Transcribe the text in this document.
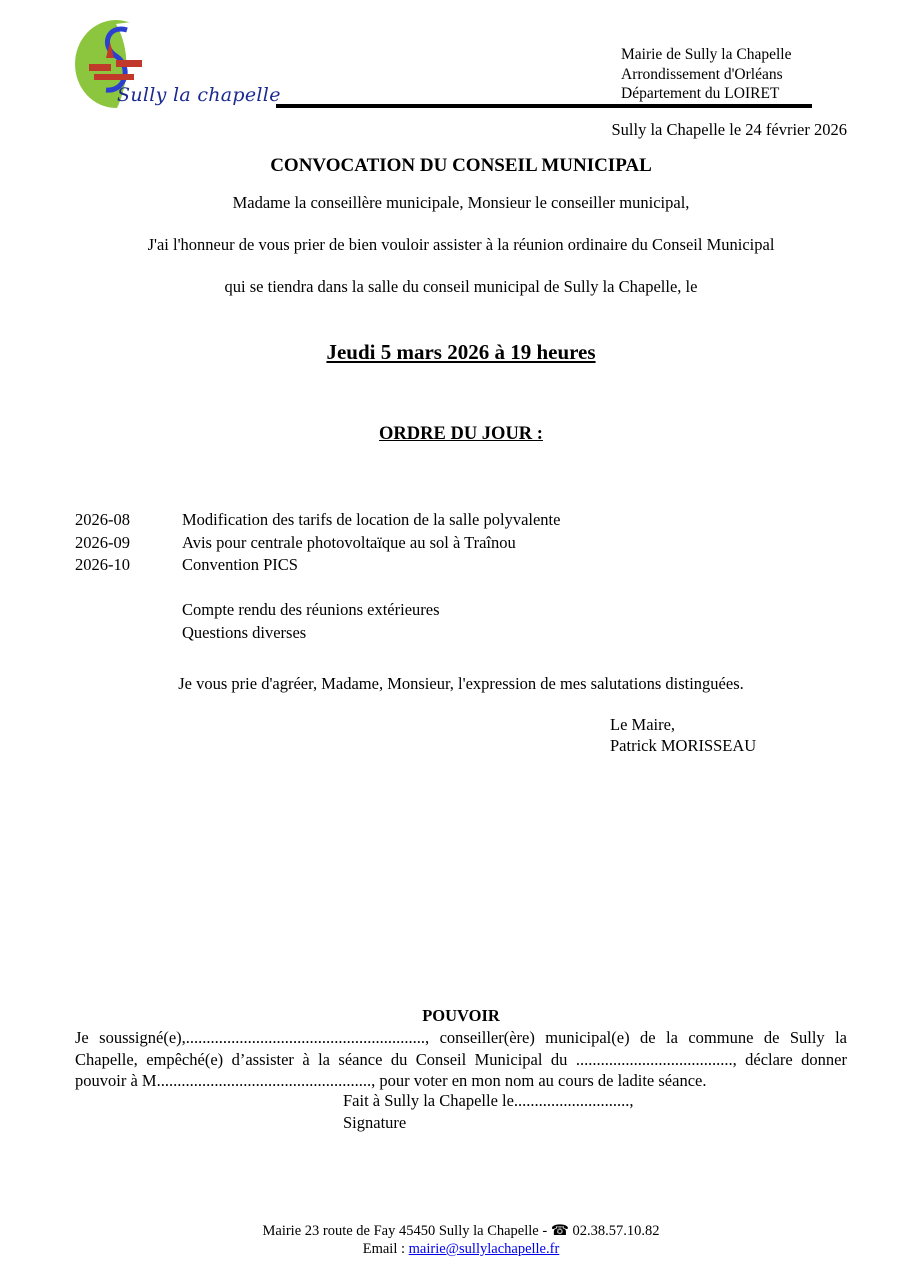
Sully la chapelle
Mairie de Sully la Chapelle
Arrondissement d'Orléans
Département du LOIRET
Sully la Chapelle le 24 février 2026
CONVOCATION DU CONSEIL MUNICIPAL
Madame la conseillère municipale, Monsieur le conseiller municipal,
J'ai l'honneur de vous prier de bien vouloir assister à la réunion ordinaire du Conseil Municipal
qui se tiendra dans la salle du conseil municipal de Sully la Chapelle, le
Jeudi 5 mars 2026 à 19 heures
ORDRE DU JOUR :
2026-08	Modification des tarifs de location de la salle polyvalente
2026-09	Avis pour centrale photovoltaïque au sol à Traînou
2026-10	Convention PICS
Compte rendu des réunions extérieures
Questions diverses
Je vous prie d'agréer, Madame, Monsieur, l'expression de mes salutations distinguées.
Le Maire,
Patrick MORISSEAU
POUVOIR
Je soussigné(e),.........................................................., conseiller(ère) municipal(e) de la commune de Sully la Chapelle, empêché(e) d’assister à la séance du Conseil Municipal du ......................................, déclare donner pouvoir à M...................................................., pour voter en mon nom au cours de ladite séance.
Fait à Sully la Chapelle le............................,
Signature
Mairie 23 route de Fay 45450 Sully la Chapelle - ☎ 02.38.57.10.82
Email : mairie@sullylachapelle.fr
